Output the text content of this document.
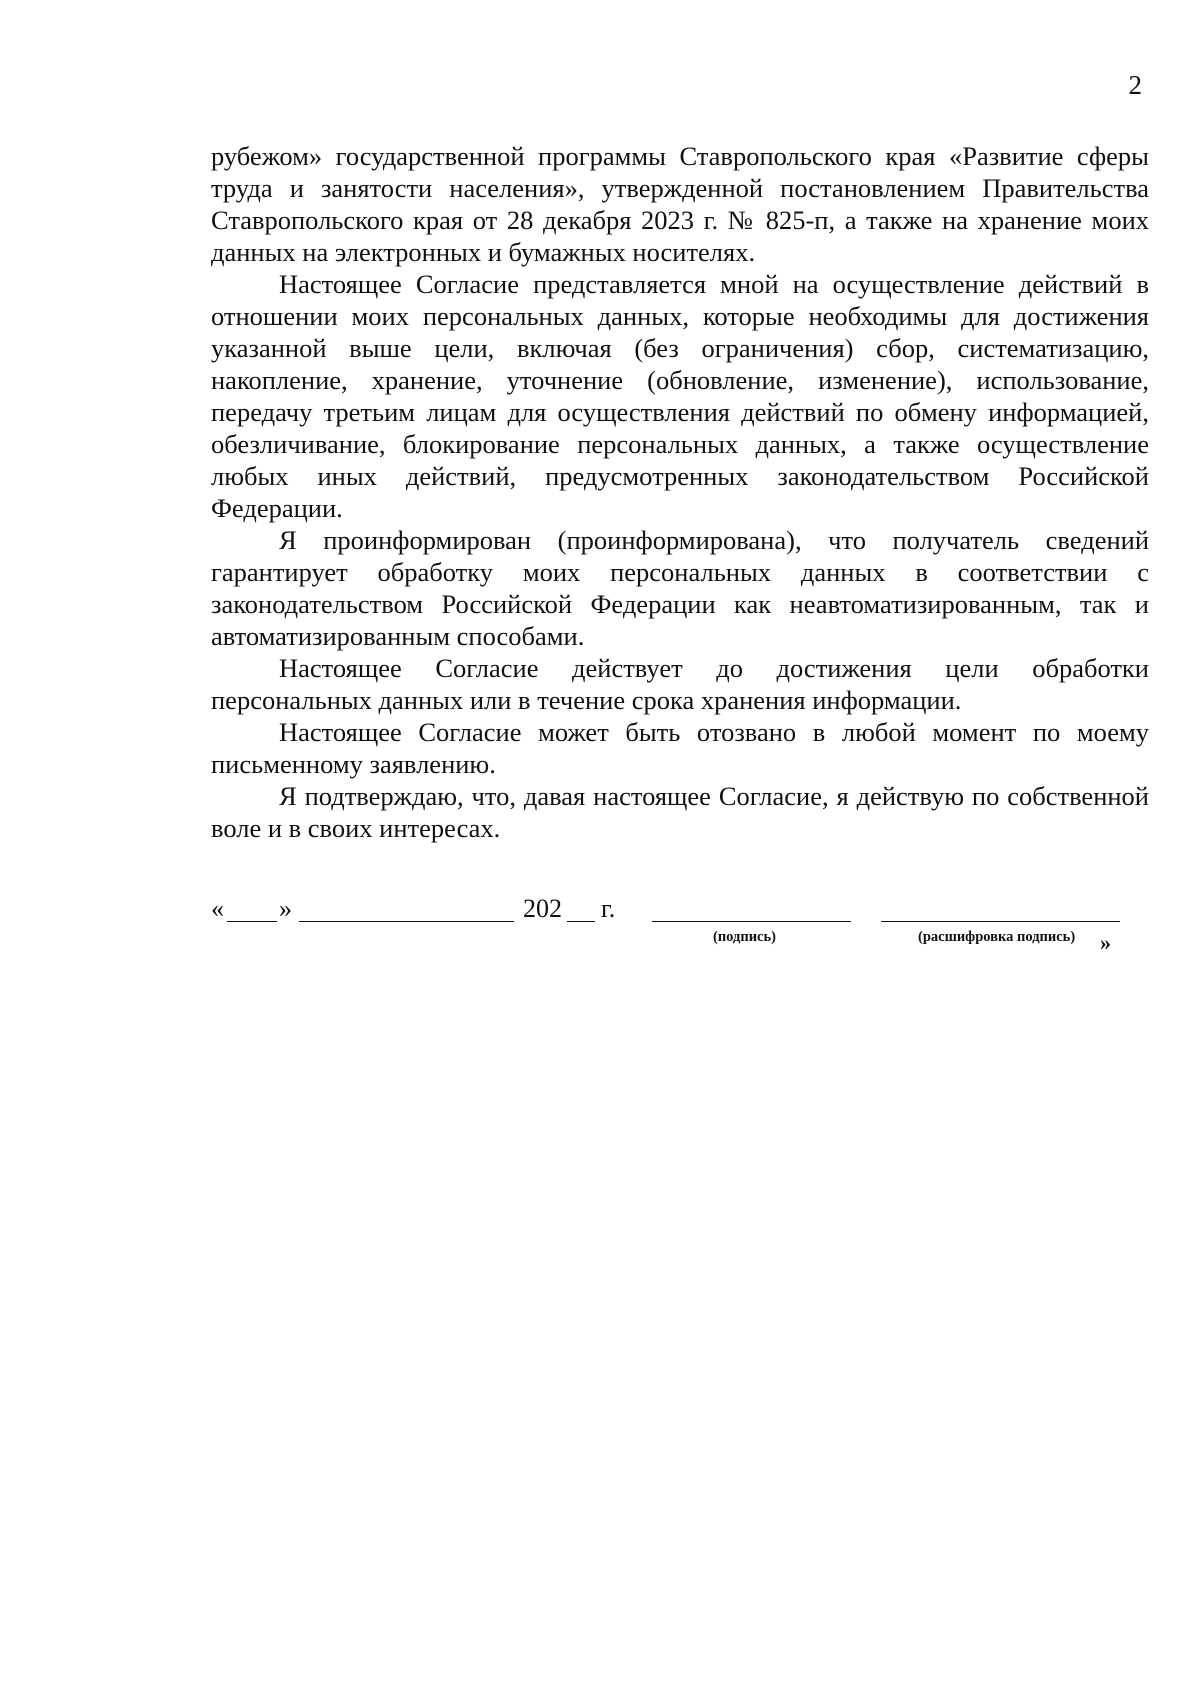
2

рубежом» государственной программы Ставропольского края «Развитие сферы труда и занятости населения», утвержденной постановлением Правительства Ставропольского края от 28 декабря 2023 г. № 825-п, а также на хранение моих данных на электронных и бумажных носителях.

Настоящее Согласие представляется мной на осуществление действий в отношении моих персональных данных, которые необходимы для достижения указанной выше цели, включая (без ограничения) сбор, систематизацию, накопление, хранение, уточнение (обновление, изменение), использование, передачу третьим лицам для осуществления действий по обмену информацией, обезличивание, блокирование персональных данных, а также осуществление любых иных действий, предусмотренных законодательством Российской Федерации.

Я проинформирован (проинформирована), что получатель сведений гарантирует обработку моих персональных данных в соответствии с законодательством Российской Федерации как неавтоматизированным, так и автоматизированным способами.

Настоящее Согласие действует до достижения цели обработки персональных данных или в течение срока хранения информации.

Настоящее Согласие может быть отозвано в любой момент по моему письменному заявлению.

Я подтверждаю, что, давая настоящее Согласие, я действую по собственной воле и в своих интересах.

« »	202 г.
(подпись)	(расшифровка подпись) »
